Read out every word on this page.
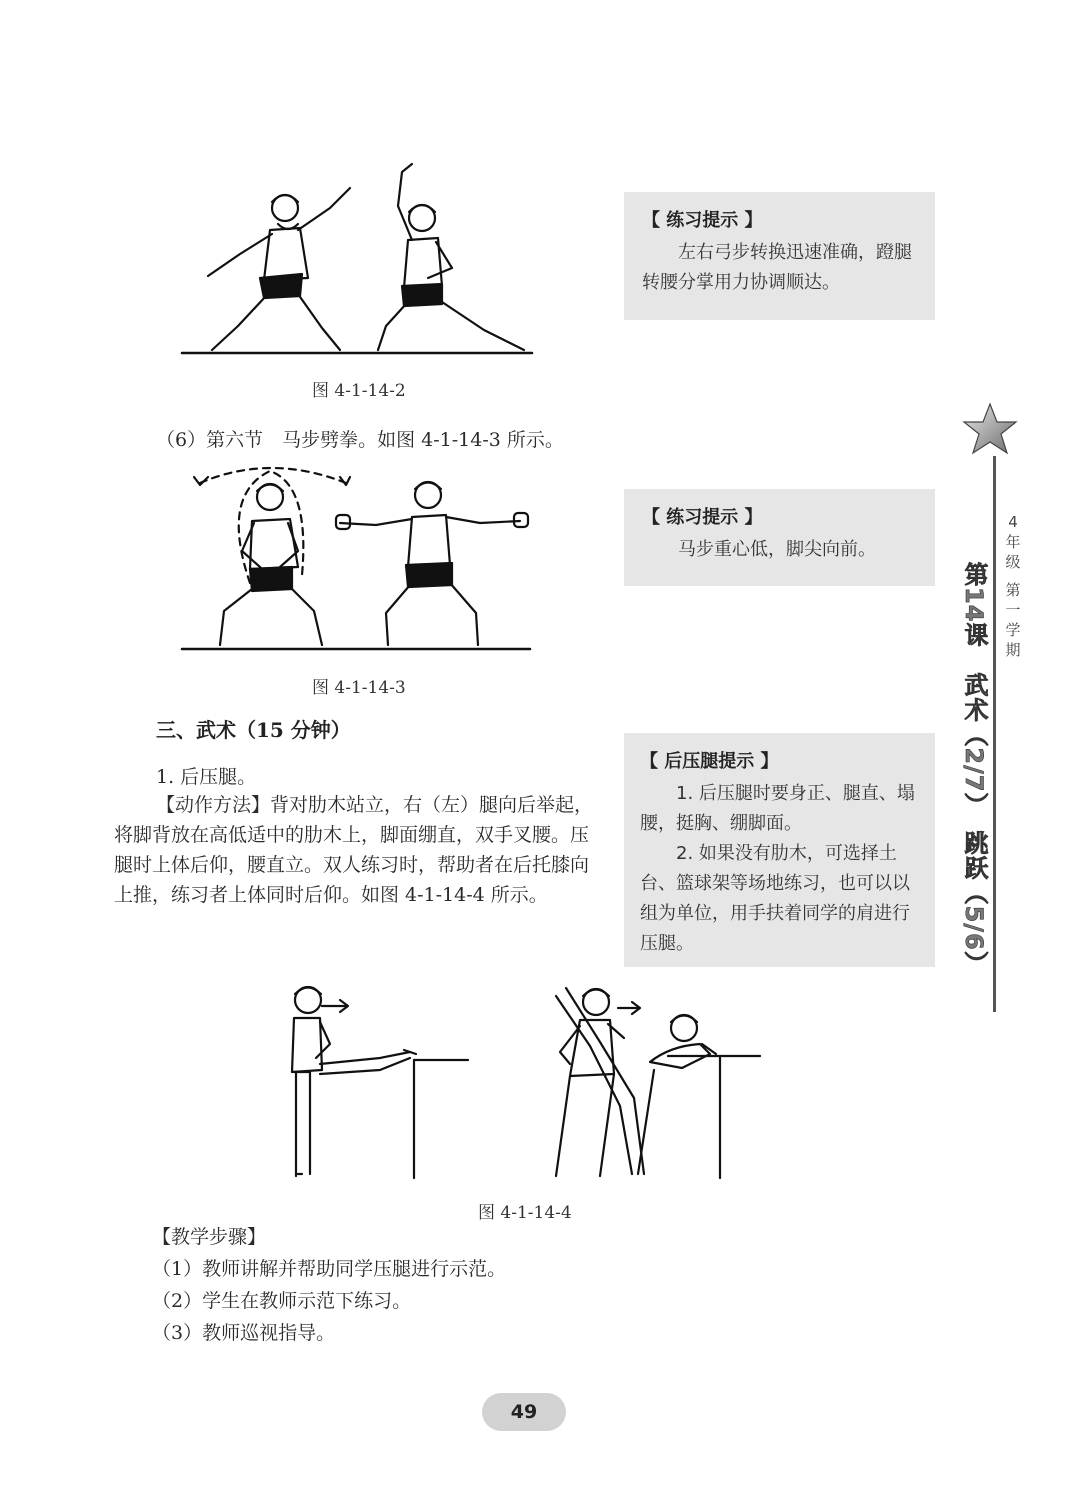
图 4-1-14-2
【 练习提示 】

左右弓步转换迅速准确，蹬腿转腰分掌用力协调顺达。

（6）第六节　马步劈拳。如图 4-1-14-3 所示。
图 4-1-14-3
【 练习提示 】

马步重心低，脚尖向前。

三、武术（15 分钟）
1. 后压腿。
【动作方法】背对肋木站立，右（左）腿向后举起，将脚背放在高低适中的肋木上，脚面绷直，双手叉腰。压腿时上体后仰，腰直立。双人练习时，帮助者在后托膝向上推，练习者上体同时后仰。如图 4-1-14-4 所示。
【 后压腿提示 】

1. 后压腿时要身正、腿直、塌腰，挺胸、绷脚面。

2. 如果没有肋木，可选择土台、篮球架等场地练习，也可以以组为单位，用手扶着同学的肩进行压腿。

图 4-1-14-4
【教学步骤】
（1）教师讲解并帮助同学压腿进行示范。
（2）学生在教师示范下练习。
（3）教师巡视指导。
49
4
年
级
第
一
学
期
第14课　武术（2/7）　跳跃（5/6）
